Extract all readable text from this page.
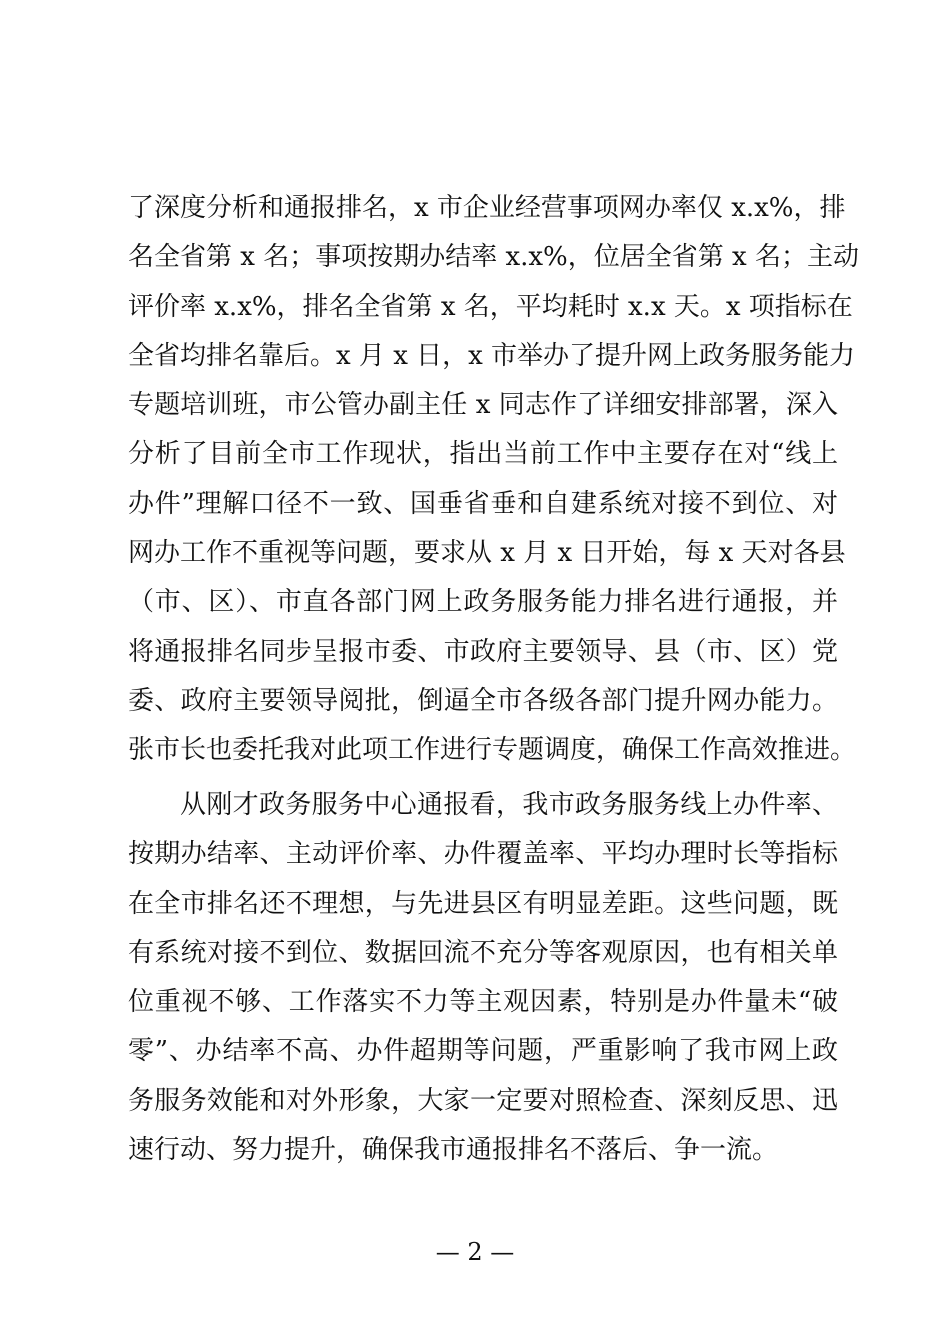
了深度分析和通报排名，x 市企业经营事项网办率仅 x.x%，排
名全省第 x 名；事项按期办结率 x.x%，位居全省第 x 名；主动
评价率 x.x%，排名全省第 x 名，平均耗时 x.x 天。x 项指标在
全省均排名靠后。x 月 x 日，x 市举办了提升网上政务服务能力
专题培训班，市公管办副主任 x 同志作了详细安排部署，深入
分析了目前全市工作现状，指出当前工作中主要存在对“线上
办件”理解口径不一致、国垂省垂和自建系统对接不到位、对
网办工作不重视等问题，要求从 x 月 x 日开始，每 x 天对各县
（市、区）、市直各部门网上政务服务能力排名进行通报，并
将通报排名同步呈报市委、市政府主要领导、县（市、区）党
委、政府主要领导阅批，倒逼全市各级各部门提升网办能力。
张市长也委托我对此项工作进行专题调度，确保工作高效推进。
从刚才政务服务中心通报看，我市政务服务线上办件率、
按期办结率、主动评价率、办件覆盖率、平均办理时长等指标
在全市排名还不理想，与先进县区有明显差距。这些问题，既
有系统对接不到位、数据回流不充分等客观原因，也有相关单
位重视不够、工作落实不力等主观因素，特别是办件量未“破
零”、办结率不高、办件超期等问题，严重影响了我市网上政
务服务效能和对外形象，大家一定要对照检查、深刻反思、迅
速行动、努力提升，确保我市通报排名不落后、争一流。
— 2 —
